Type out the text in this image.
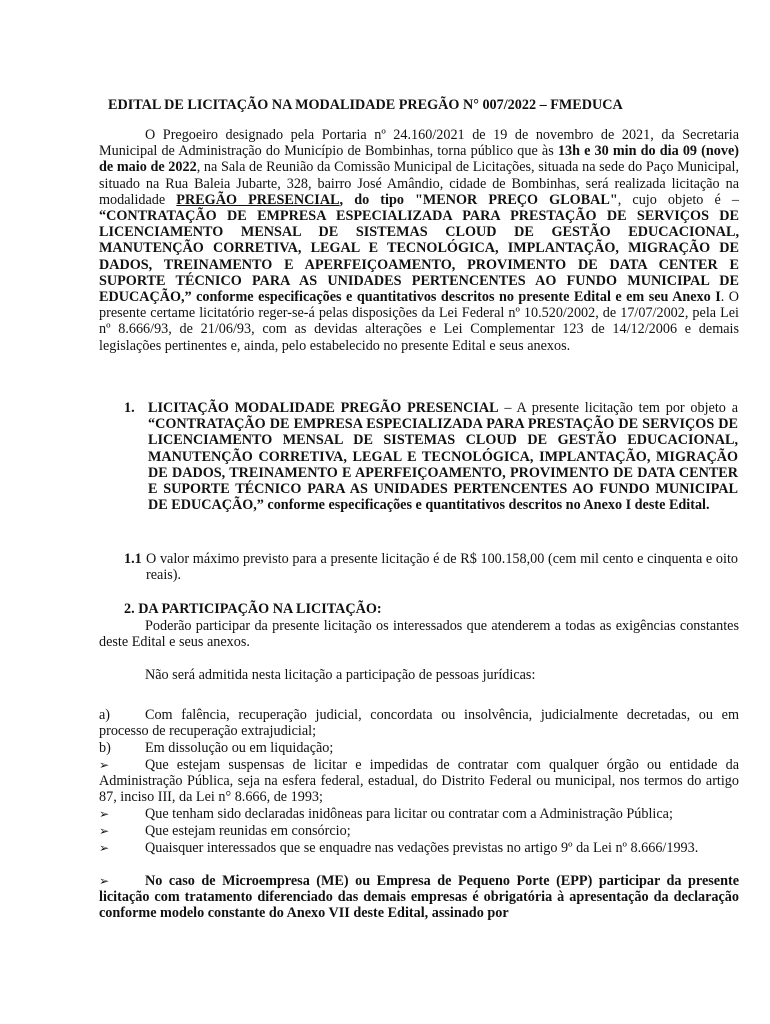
EDITAL DE LICITAÇÃO NA MODALIDADE PREGÃO N° 007/2022 – FMEDUCA
O Pregoeiro designado pela Portaria nº 24.160/2021 de 19 de novembro de 2021, da Secretaria Municipal de Administração do Município de Bombinhas, torna público que às 13h e 30 min do dia 09 (nove) de maio de 2022, na Sala de Reunião da Comissão Municipal de Licitações, situada na sede do Paço Municipal, situado na Rua Baleia Jubarte, 328, bairro José Amândio, cidade de Bombinhas, será realizada licitação na modalidade PREGÃO PRESENCIAL, do tipo "MENOR PREÇO GLOBAL", cujo objeto é – “CONTRATAÇÃO DE EMPRESA ESPECIALIZADA PARA PRESTAÇÃO DE SERVIÇOS DE LICENCIAMENTO MENSAL DE SISTEMAS CLOUD DE GESTÃO EDUCACIONAL, MANUTENÇÃO CORRETIVA, LEGAL E TECNOLÓGICA, IMPLANTAÇÃO, MIGRAÇÃO DE DADOS, TREINAMENTO E APERFEIÇOAMENTO, PROVIMENTO DE DATA CENTER E SUPORTE TÉCNICO PARA AS UNIDADES PERTENCENTES AO FUNDO MUNICIPAL DE EDUCAÇÃO,” conforme especificações e quantitativos descritos no presente Edital e em seu Anexo I. O presente certame licitatório reger-se-á pelas disposições da Lei Federal nº 10.520/2002, de 17/07/2002, pela Lei nº 8.666/93, de 21/06/93, com as devidas alterações e Lei Complementar 123 de 14/12/2006 e demais legislações pertinentes e, ainda, pelo estabelecido no presente Edital e seus anexos.
1. LICITAÇÃO MODALIDADE PREGÃO PRESENCIAL – A presente licitação tem por objeto a “CONTRATAÇÃO DE EMPRESA ESPECIALIZADA PARA PRESTAÇÃO DE SERVIÇOS DE LICENCIAMENTO MENSAL DE SISTEMAS CLOUD DE GESTÃO EDUCACIONAL, MANUTENÇÃO CORRETIVA, LEGAL E TECNOLÓGICA, IMPLANTAÇÃO, MIGRAÇÃO DE DADOS, TREINAMENTO E APERFEIÇOAMENTO, PROVIMENTO DE DATA CENTER E SUPORTE TÉCNICO PARA AS UNIDADES PERTENCENTES AO FUNDO MUNICIPAL DE EDUCAÇÃO,” conforme especificações e quantitativos descritos no Anexo I deste Edital.
1.1 O valor máximo previsto para a presente licitação é de R$ 100.158,00 (cem mil cento e cinquenta e oito reais).
2. DA PARTICIPAÇÃO NA LICITAÇÃO:
Poderão participar da presente licitação os interessados que atenderem a todas as exigências constantes deste Edital e seus anexos.
Não será admitida nesta licitação a participação de pessoas jurídicas:
a) Com falência, recuperação judicial, concordata ou insolvência, judicialmente decretadas, ou em processo de recuperação extrajudicial;
b) Em dissolução ou em liquidação;
➢	Que estejam suspensas de licitar e impedidas de contratar com qualquer órgão ou entidade da Administração Pública, seja na esfera federal, estadual, do Distrito Federal ou municipal, nos termos do artigo 87, inciso III, da Lei n° 8.666, de 1993;
➢	Que tenham sido declaradas inidôneas para licitar ou contratar com a Administração Pública;
➢	Que estejam reunidas em consórcio;
➢	Quaisquer interessados que se enquadre nas vedações previstas no artigo 9º da Lei nº 8.666/1993.
➢	No caso de Microempresa (ME) ou Empresa de Pequeno Porte (EPP) participar da presente licitação com tratamento diferenciado das demais empresas é obrigatória à apresentação da declaração conforme modelo constante do Anexo VII deste Edital, assinado por
